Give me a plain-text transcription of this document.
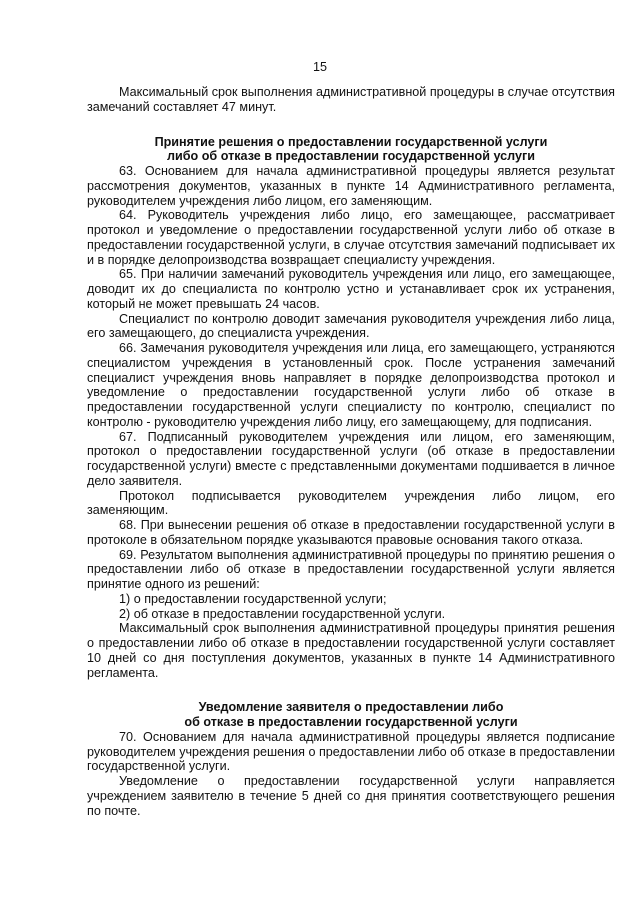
15

Максимальный срок выполнения административной процедуры в случае отсутствия замечаний составляет 47 минут.

Принятие решения о предоставлении государственной услуги
либо об отказе в предоставлении государственной услуги

63. Основанием для начала административной процедуры является результат рассмотрения документов, указанных в пункте 14 Административного регламента, руководителем учреждения либо лицом, его заменяющим.

64. Руководитель учреждения либо лицо, его замещающее, рассматривает протокол и уведомление о предоставлении государственной услуги либо об отказе в предоставлении государственной услуги, в случае отсутствия замечаний подписывает их и в порядке делопроизводства возвращает специалисту учреждения.

65. При наличии замечаний руководитель учреждения или лицо, его замещающее, доводит их до специалиста по контролю устно и устанавливает срок их устранения, который не может превышать 24 часов.

Специалист по контролю доводит замечания руководителя учреждения либо лица, его замещающего, до специалиста учреждения.

66. Замечания руководителя учреждения или лица, его замещающего, устраняются специалистом учреждения в установленный срок. После устранения замечаний специалист учреждения вновь направляет в порядке делопроизводства протокол и уведомление о предоставлении государственной услуги либо об отказе в предоставлении государственной услуги специалисту по контролю, специалист по контролю - руководителю учреждения либо лицу, его замещающему, для подписания.

67. Подписанный руководителем учреждения или лицом, его заменяющим, протокол о предоставлении государственной услуги (об отказе в предоставлении государственной услуги) вместе с представленными документами подшивается в личное дело заявителя.

Протокол подписывается руководителем учреждения либо лицом, его заменяющим.

68. При вынесении решения об отказе в предоставлении государственной услуги в протоколе в обязательном порядке указываются правовые основания такого отказа.

69. Результатом выполнения административной процедуры по принятию решения о предоставлении либо об отказе в предоставлении государственной услуги является принятие одного из решений:

1) о предоставлении государственной услуги;

2) об отказе в предоставлении государственной услуги.

Максимальный срок выполнения административной процедуры принятия решения о предоставлении либо об отказе в предоставлении государственной услуги составляет 10 дней со дня поступления документов, указанных в пункте 14 Административного регламента.

Уведомление заявителя о предоставлении либо
об отказе в предоставлении государственной услуги

70. Основанием для начала административной процедуры является подписание руководителем учреждения решения о предоставлении либо об отказе в предоставлении государственной услуги.

Уведомление о предоставлении государственной услуги направляется учреждением заявителю в течение 5 дней со дня принятия соответствующего решения по почте.
